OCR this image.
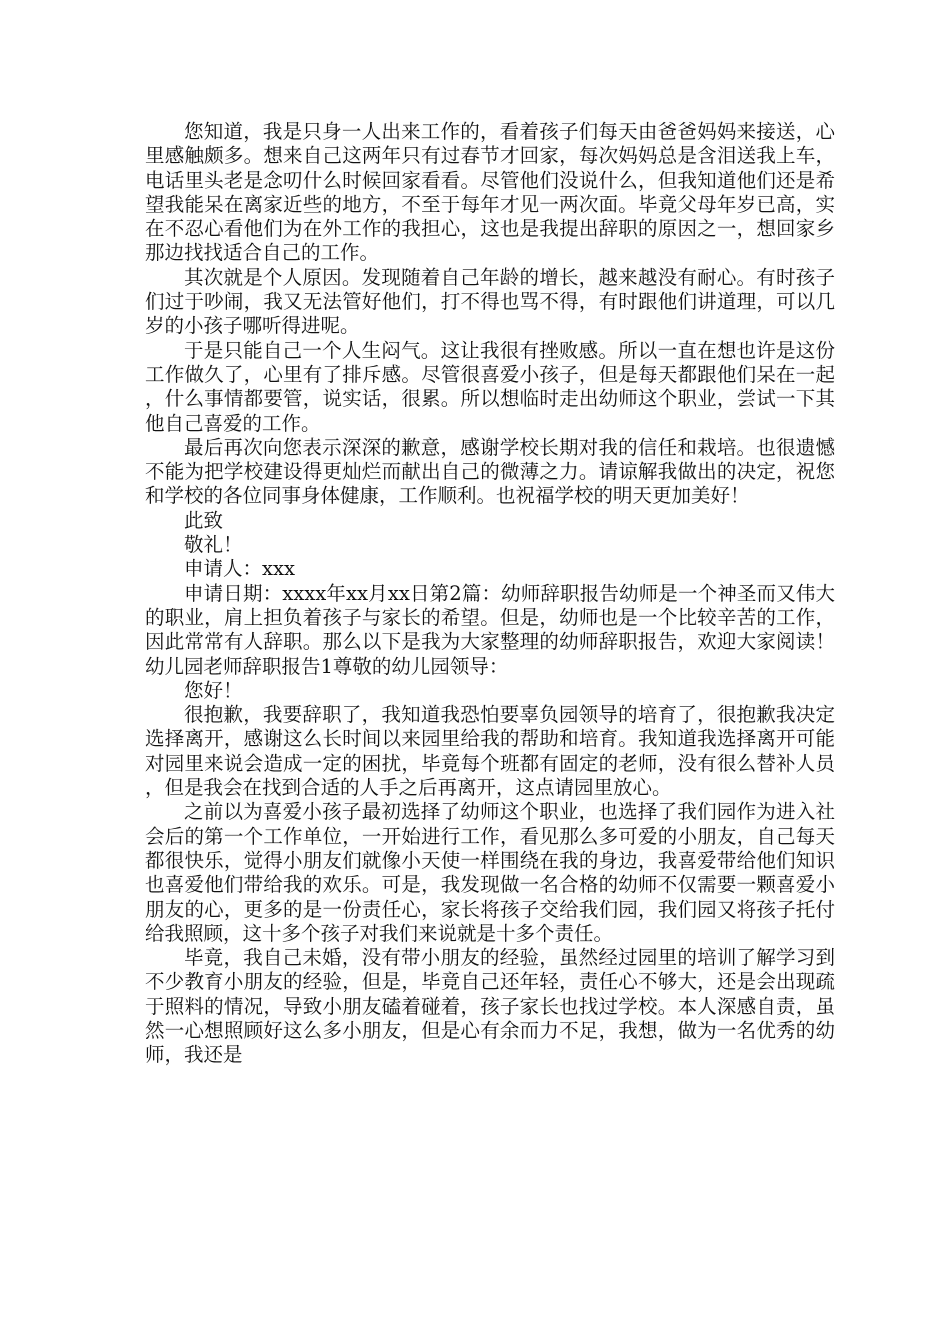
您知道，我是只身一人出来工作的，看着孩子们每天由爸爸妈妈来接送，心里感触颇多。想来自己这两年只有过春节才回家，每次妈妈总是含泪送我上车，电话里头老是念叨什么时候回家看看。尽管他们没说什么，但我知道他们还是希望我能呆在离家近些的地方，不至于每年才见一两次面。毕竟父母年岁已高，实在不忍心看他们为在外工作的我担心，这也是我提出辞职的原因之一，想回家乡那边找找适合自己的工作。

其次就是个人原因。发现随着自己年龄的增长，越来越没有耐心。有时孩子们过于吵闹，我又无法管好他们，打不得也骂不得，有时跟他们讲道理，可以几岁的小孩子哪听得进呢。

于是只能自己一个人生闷气。这让我很有挫败感。所以一直在想也许是这份工作做久了，心里有了排斥感。尽管很喜爱小孩子，但是每天都跟他们呆在一起，什么事情都要管，说实话，很累。所以想临时走出幼师这个职业，尝试一下其他自己喜爱的工作。

最后再次向您表示深深的歉意，感谢学校长期对我的信任和栽培。也很遗憾不能为把学校建设得更灿烂而献出自己的微薄之力。请谅解我做出的决定，祝您和学校的各位同事身体健康，工作顺利。也祝福学校的明天更加美好！

此致

敬礼！

申请人：xxx

申请日期：xxxx年xx月xx日第2篇：幼师辞职报告幼师是一个神圣而又伟大的职业，肩上担负着孩子与家长的希望。但是，幼师也是一个比较辛苦的工作，因此常常有人辞职。那么以下是我为大家整理的幼师辞职报告，欢迎大家阅读！幼儿园老师辞职报告1尊敬的幼儿园领导：

您好！

很抱歉，我要辞职了，我知道我恐怕要辜负园领导的培育了，很抱歉我决定选择离开，感谢这么长时间以来园里给我的帮助和培育。我知道我选择离开可能对园里来说会造成一定的困扰，毕竟每个班都有固定的老师，没有很么替补人员，但是我会在找到合适的人手之后再离开，这点请园里放心。

之前以为喜爱小孩子最初选择了幼师这个职业，也选择了我们园作为进入社会后的第一个工作单位，一开始进行工作，看见那么多可爱的小朋友，自己每天都很快乐，觉得小朋友们就像小天使一样围绕在我的身边，我喜爱带给他们知识也喜爱他们带给我的欢乐。可是，我发现做一名合格的幼师不仅需要一颗喜爱小朋友的心，更多的是一份责任心，家长将孩子交给我们园，我们园又将孩子托付给我照顾，这十多个孩子对我们来说就是十多个责任。

毕竟，我自己未婚，没有带小朋友的经验，虽然经过园里的培训了解学习到不少教育小朋友的经验，但是，毕竟自己还年轻，责任心不够大，还是会出现疏于照料的情况，导致小朋友磕着碰着，孩子家长也找过学校。本人深感自责，虽然一心想照顾好这么多小朋友，但是心有余而力不足，我想，做为一名优秀的幼师，我还是
